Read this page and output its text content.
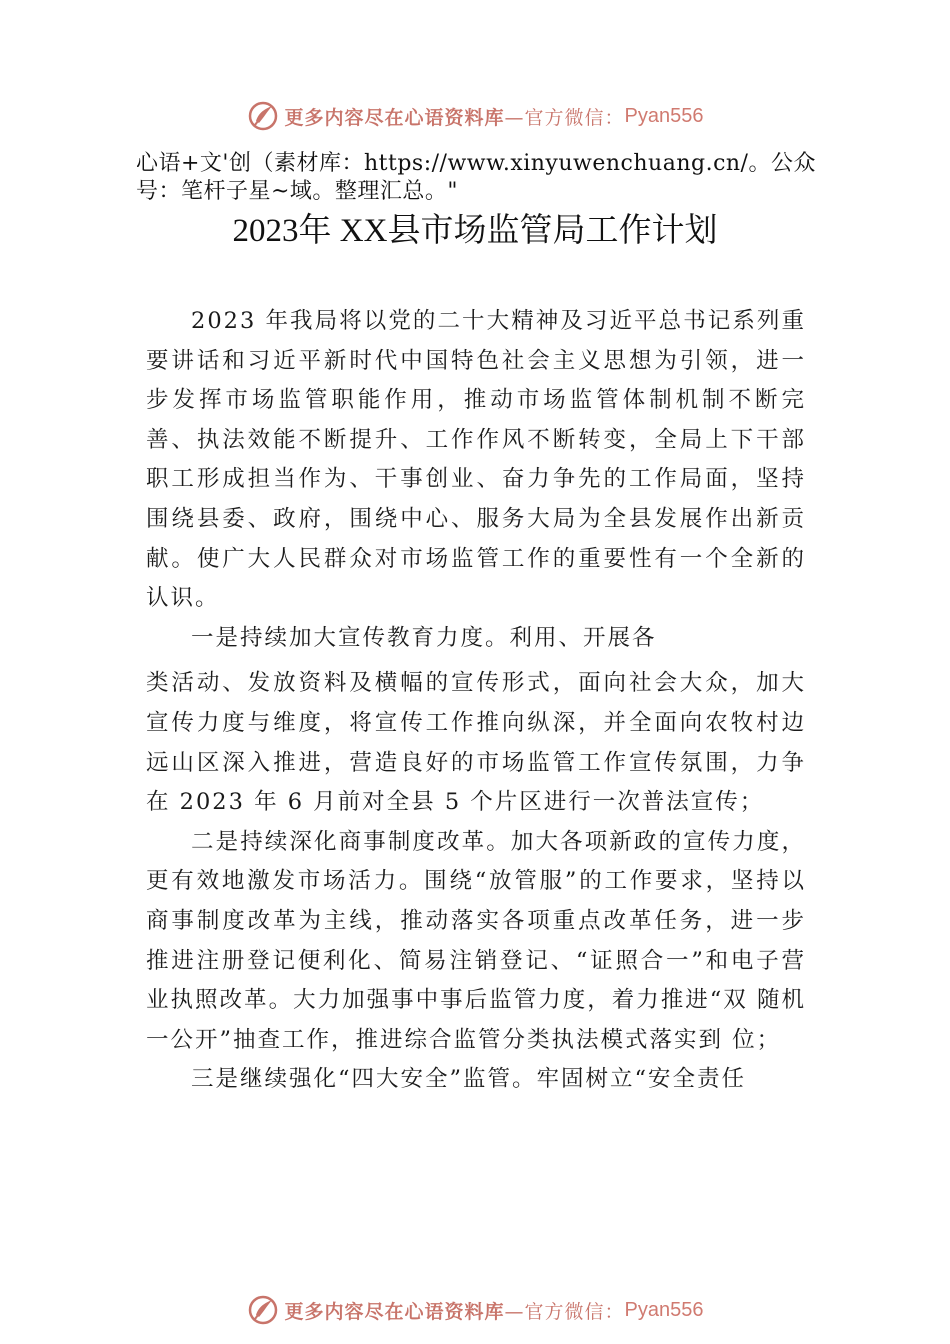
更多内容尽在心语资料库 —官方微信： Pyan556
心语+文'创（素材库：https://www.xinyuwenchuang.cn/。公众号：笔杆子星~域。整理汇总。"
2023年 XX县市场监管局工作计划

2023 年我局将以党的二十大精神及习近平总书记系列重要讲话和习近平新时代中国特色社会主义思想为引领，进一步发挥市场监管职能作用，推动市场监管体制机制不断完善、执法效能不断提升、工作作风不断转变，全局上下干部职工形成担当作为、干事创业、奋力争先的工作局面，坚持围绕县委、政府，围绕中心、服务大局为全县发展作出新贡献。使广大人民群众对市场监管工作的重要性有一个全新的认识。

一是持续加大宣传教育力度。利用、开展各

类活动、发放资料及横幅的宣传形式，面向社会大众，加大宣传力度与维度，将宣传工作推向纵深，并全面向农牧村边远山区深入推进，营造良好的市场监管工作宣传氛围，力争在 2023 年 6 月前对全县 5 个片区进行一次普法宣传；

二是持续深化商事制度改革。加大各项新政的宣传力度，更有效地激发市场活力。围绕“放管服”的工作要求，坚持以商事制度改革为主线，推动落实各项重点改革任务，进一步推进注册登记便利化、简易注销登记、“证照合一”和电子营业执照改革。大力加强事中事后监管力度，着力推进“双 随机一公开”抽查工作，推进综合监管分类执法模式落实到 位；

三是继续强化“四大安全”监管。牢固树立“安全责任

更多内容尽在心语资料库 —官方微信： Pyan556
